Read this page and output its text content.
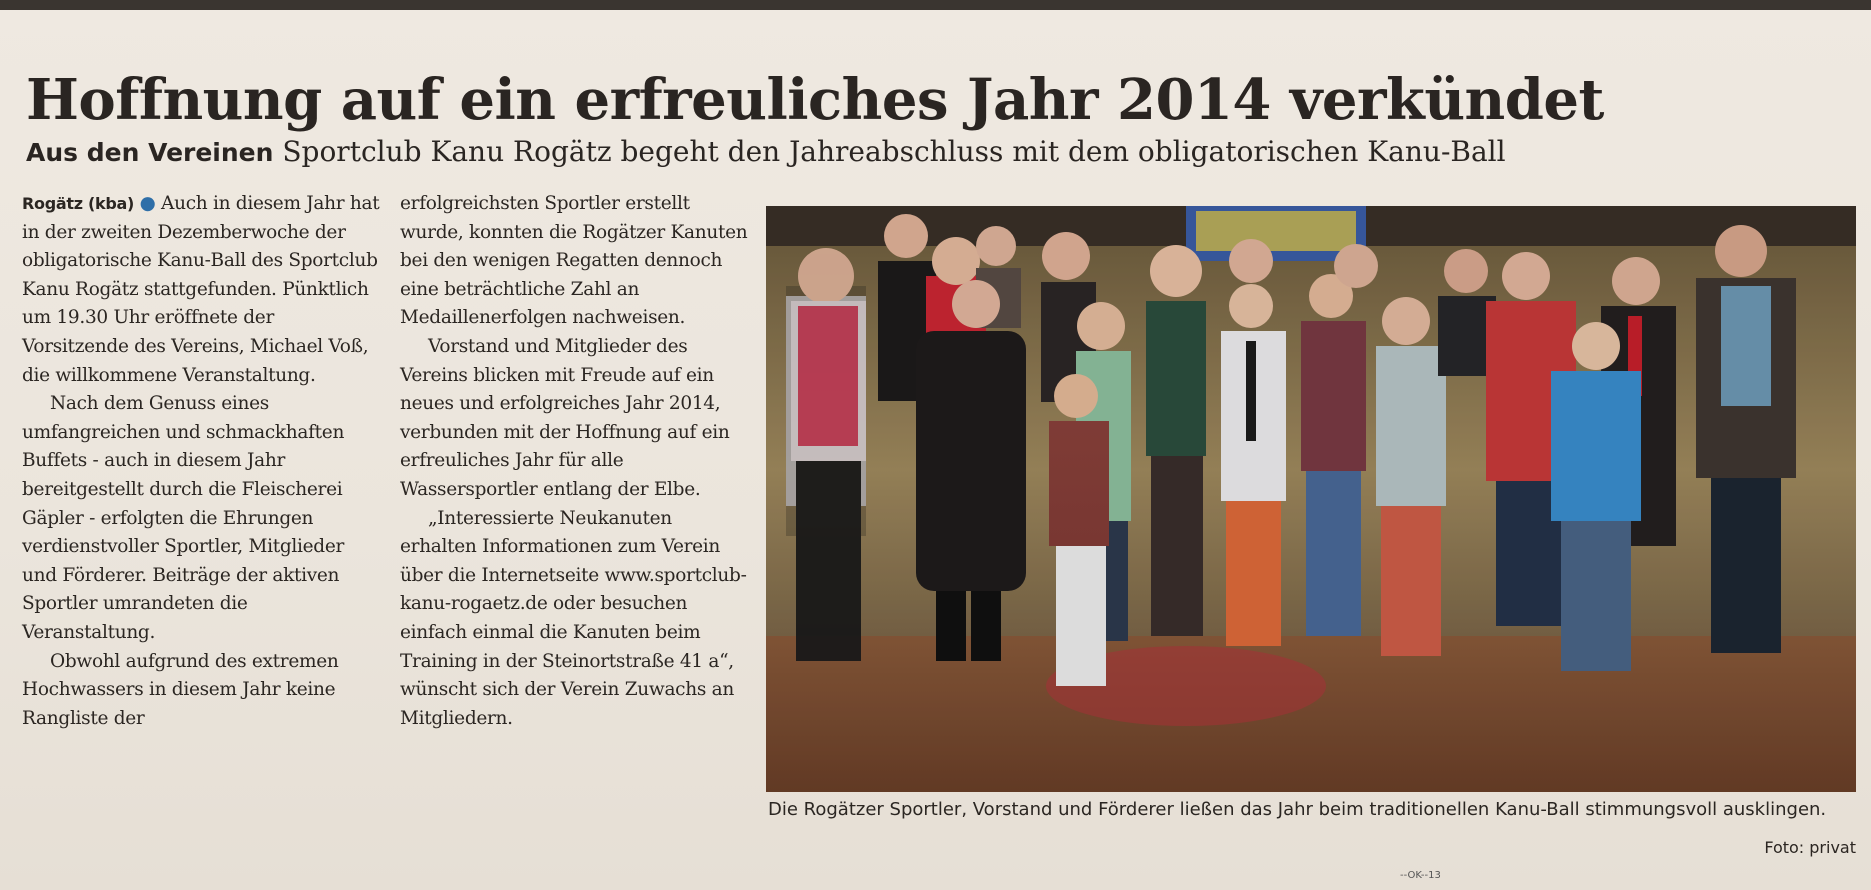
Hoffnung auf ein erfreuliches Jahr 2014 verkündet
Aus den Vereinen Sportclub Kanu Rogätz begeht den Jahreabschluss mit dem obligatorischen Kanu-Ball

Rogätz (kba) ● Auch in diesem Jahr hat in der zweiten Dezemberwoche der obligatorische Kanu-Ball des Sportclub Kanu Rogätz stattgefunden. Pünktlich um 19.30 Uhr eröffnete der Vorsitzende des Vereins, Michael Voß, die willkommene Veranstaltung.

Nach dem Genuss eines umfangreichen und schmackhaften Buffets - auch in diesem Jahr bereitgestellt durch die Fleischerei Gäpler - erfolgten die Ehrungen verdienstvoller Sportler, Mitglieder und Förderer. Beiträge der aktiven Sportler umrandeten die Veranstaltung.

Obwohl aufgrund des extremen Hochwassers in diesem Jahr keine Rangliste der

erfolgreichsten Sportler erstellt wurde, konnten die Rogätzer Kanuten bei den wenigen Regatten dennoch eine beträchtliche Zahl an Medaillenerfolgen nachweisen.

Vorstand und Mitglieder des Vereins blicken mit Freude auf ein neues und erfolgreiches Jahr 2014, verbunden mit der Hoffnung auf ein erfreuliches Jahr für alle Wassersportler entlang der Elbe.

„Interessierte Neukanuten erhalten Informationen zum Verein über die Internetseite www.sportclub-kanu-rogaetz.de oder besuchen einfach einmal die Kanuten beim Training in der Steinortstraße 41 a“, wünscht sich der Verein Zuwachs an Mitgliedern.

Die Rogätzer Sportler, Vorstand und Förderer ließen das Jahr beim traditionellen Kanu-Ball stimmungsvoll ausklingen.
Foto: privat
--OK--13
